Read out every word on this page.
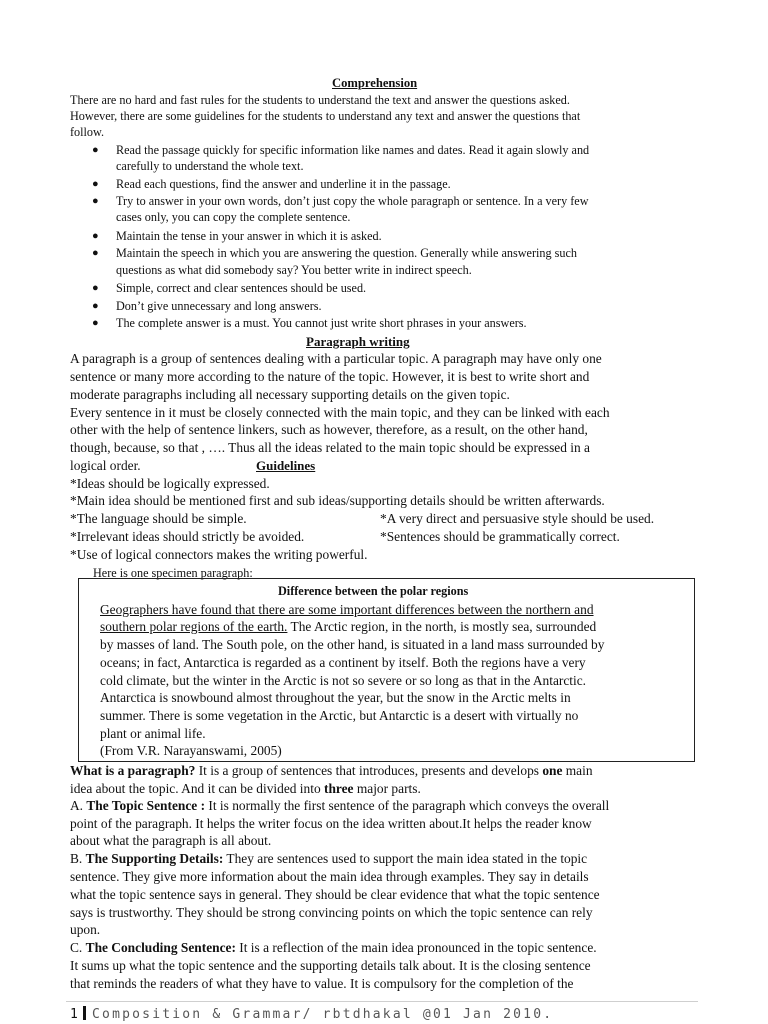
Comprehension
There are no hard and fast rules for the students to understand the text and answer the questions asked.
However, there are some guidelines for the students to understand any text and answer the questions that
follow.
● Read the passage quickly for specific information like names and dates. Read it again slowly and
carefully to understand the whole text.
● Read each questions, find the answer and underline it in the passage.
● Try to answer in your own words, don’t just copy the whole paragraph or sentence. In a very few
cases only, you can copy the complete sentence.
● Maintain the tense in your answer in which it is asked.
● Maintain the speech in which you are answering the question. Generally while answering such
questions as what did somebody say? You better write in indirect speech.
● Simple, correct and clear sentences should be used.
● Don’t give unnecessary and long answers.
● The complete answer is a must. You cannot just write short phrases in your answers.
Paragraph writing
A paragraph is a group of sentences dealing with a particular topic. A paragraph may have only one
sentence or many more according to the nature of the topic. However, it is best to write short and
moderate paragraphs including all necessary supporting details on the given topic.
Every sentence in it must be closely connected with the main topic, and they can be linked with each
other with the help of sentence linkers, such as however, therefore, as a result, on the other hand,
though, because, so that , …. Thus all the ideas related to the main topic should be expressed in a
logical order.	Guidelines
*Ideas should be logically expressed.
*Main idea should be mentioned first and sub ideas/supporting details should be written afterwards.
*The language should be simple.	*A very direct and persuasive style should be used.
*Irrelevant ideas should strictly be avoided.	*Sentences should be grammatically correct.
*Use of logical connectors makes the writing powerful.
Here is one specimen paragraph:
Difference between the polar regions
Geographers have found that there are some important differences between the northern and
southern polar regions of the earth. The Arctic region, in the north, is mostly sea, surrounded
by masses of land. The South pole, on the other hand, is situated in a land mass surrounded by
oceans; in fact, Antarctica is regarded as a continent by itself. Both the regions have a very
cold climate, but the winter in the Arctic is not so severe or so long as that in the Antarctic.
Antarctica is snowbound almost throughout the year, but the snow in the Arctic melts in
summer. There is some vegetation in the Arctic, but Antarctic is a desert with virtually no
plant or animal life.
(From V.R. Narayanswami, 2005)
What is a paragraph? It is a group of sentences that introduces, presents and develops one main
idea about the topic. And it can be divided into three major parts.
A. The Topic Sentence : It is normally the first sentence of the paragraph which conveys the overall
point of the paragraph. It helps the writer focus on the idea written about.It helps the reader know
about what the paragraph is all about.
B. The Supporting Details: They are sentences used to support the main idea stated in the topic
sentence. They give more information about the main idea through examples. They say in details
what the topic sentence says in general. They should be clear evidence that what the topic sentence
says is trustworthy. They should be strong convincing points on which the topic sentence can rely
upon.
C. The Concluding Sentence: It is a reflection of the main idea pronounced in the topic sentence.
It sums up what the topic sentence and the supporting details talk about. It is the closing sentence
that reminds the readers of what they have to value. It is compulsory for the completion of the
1 Composition & Grammar/ rbtdhakal @01 Jan 2010.
